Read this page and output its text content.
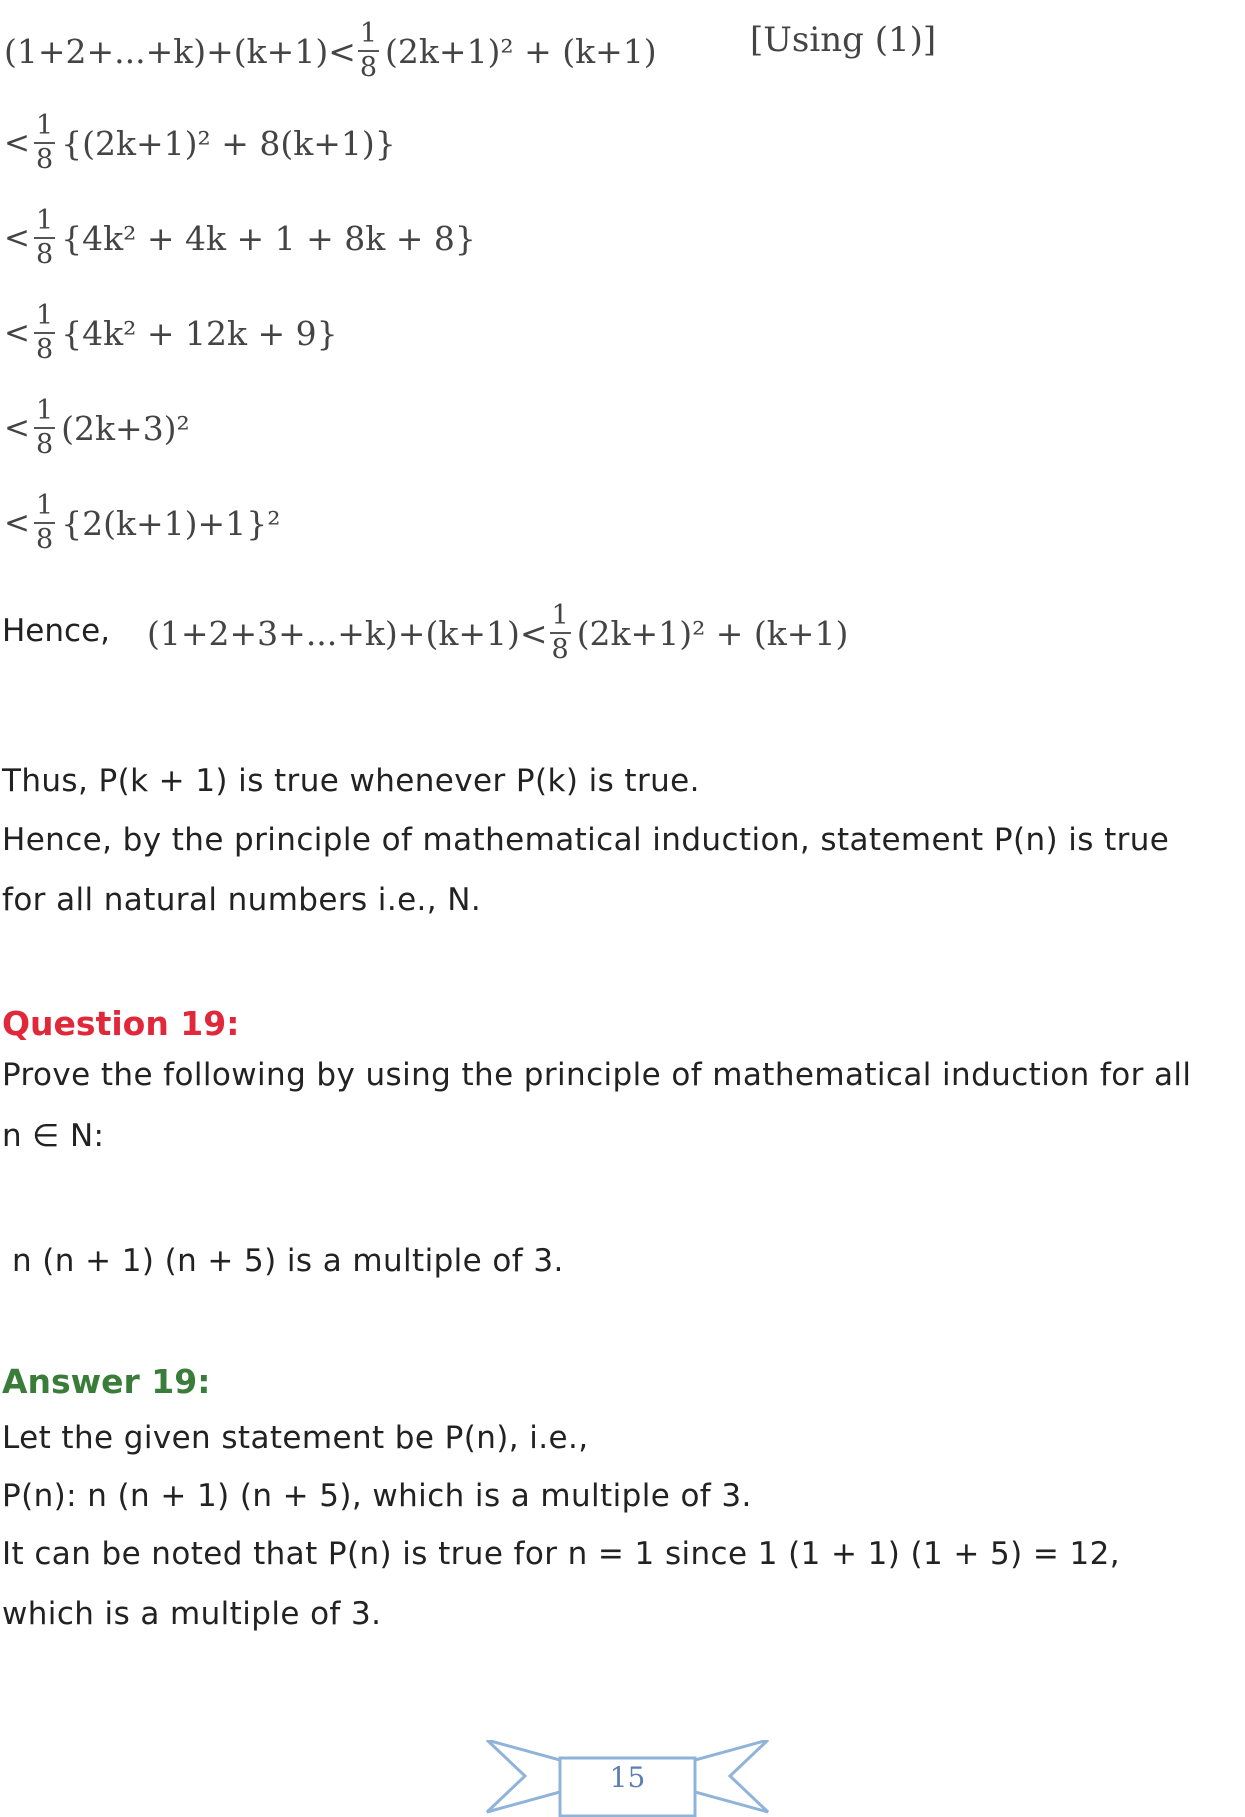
$(1+2+...+k)+(k+1)< \frac{1}{8} (2k+1)^2 + (k+1)$	[Using (1)]
< $\frac{1}{8} \{(2k+1)^2 + 8(k+1)\}$
< $\frac{1}{8} \{4k^2 + 4k + 1 + 8k + 8\}$
< $\frac{1}{8} \{4k^2 + 12k + 9\}$
< $\frac{1}{8} (2k+3)^2$
< $\frac{1}{8} \{2(k+1)+1\}^2$
Hence, $(1+2+3+...+k)+(k+1)< \frac{1}{8} (2k+1)^2 + (k+1)$
Thus, P(k + 1) is true whenever P(k) is true.
Hence, by the principle of mathematical induction, statement P(n) is true
for all natural numbers i.e., N.
Question 19:
Prove the following by using the principle of mathematical induction for all
n ∈ N:
n (n + 1) (n + 5) is a multiple of 3.
Answer 19:
Let the given statement be P(n), i.e.,
P(n): n (n + 1) (n + 5), which is a multiple of 3.
It can be noted that P(n) is true for n = 1 since 1 (1 + 1) (1 + 5) = 12,
which is a multiple of 3.
15
